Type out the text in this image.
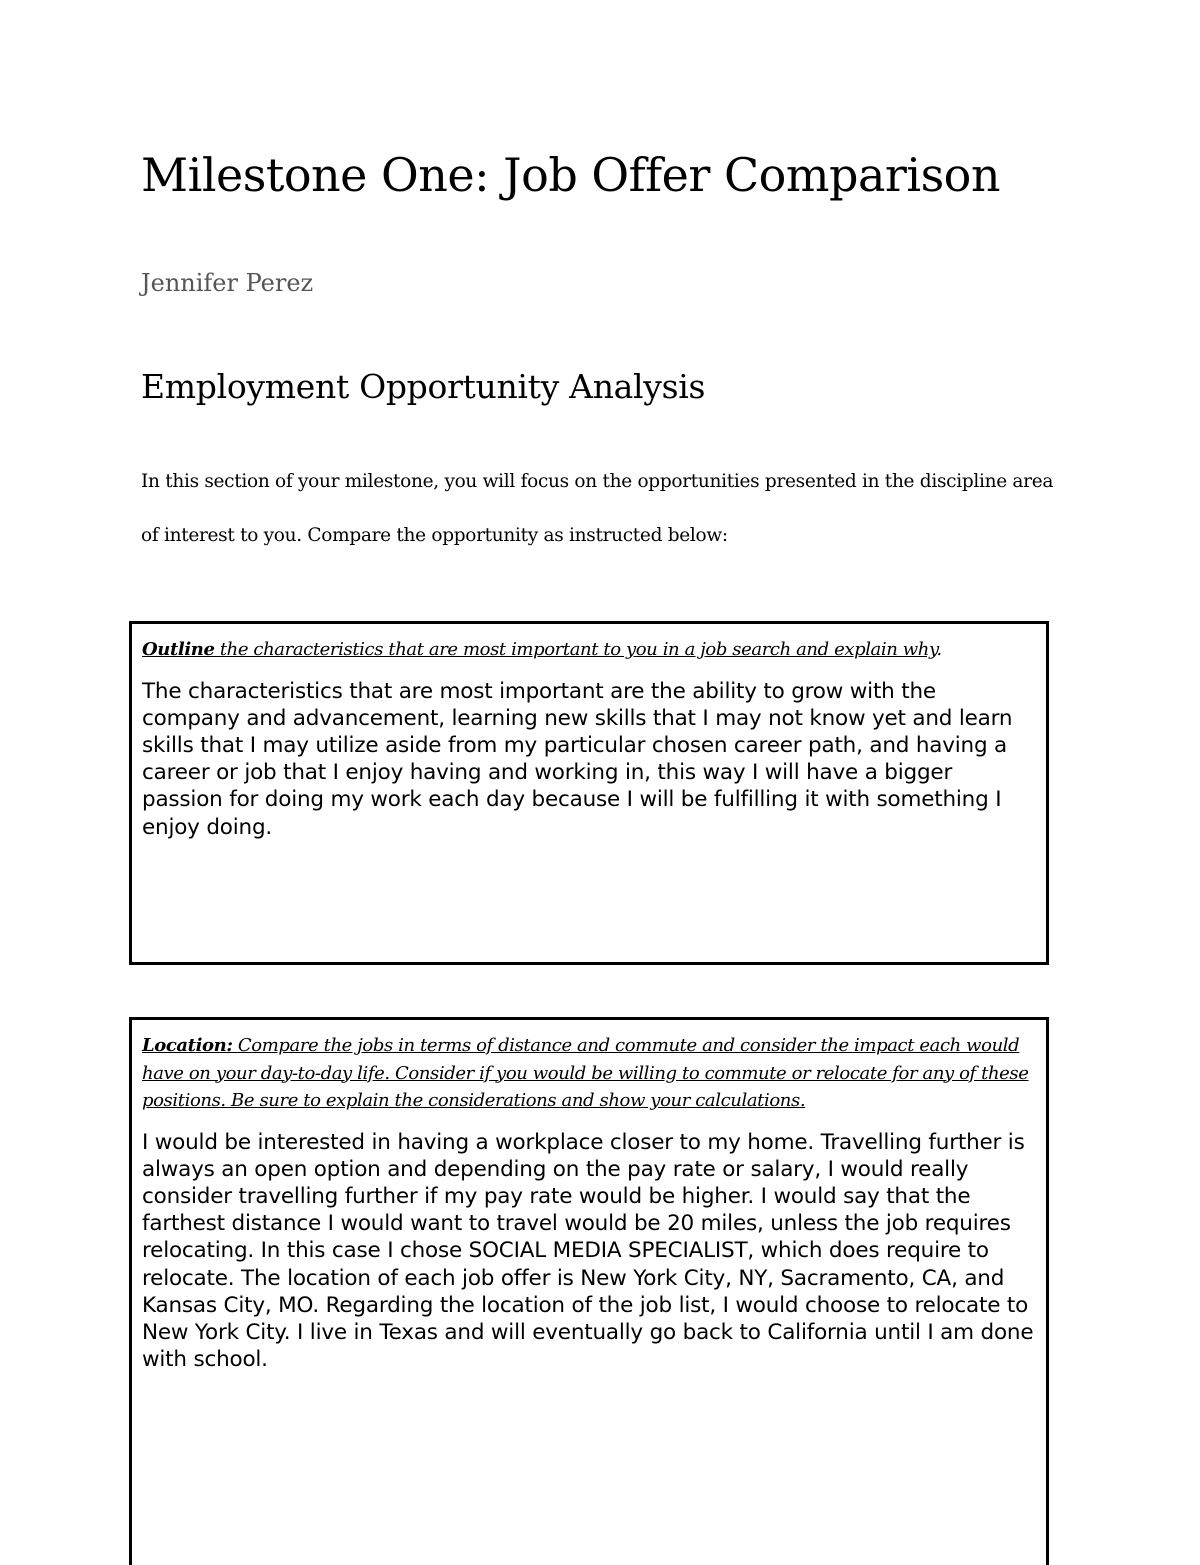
Milestone One: Job Offer Comparison

Jennifer Perez

Employment Opportunity Analysis

In this section of your milestone, you will focus on the opportunities presented in the discipline area of interest to you. Compare the opportunity as instructed below:

Outline the characteristics that are most important to you in a job search and explain why.

The characteristics that are most important are the ability to grow with the company and advancement, learning new skills that I may not know yet and learn skills that I may utilize aside from my particular chosen career path, and having a career or job that I enjoy having and working in, this way I will have a bigger passion for doing my work each day because I will be fulfilling it with something I enjoy doing.

Location: Compare the jobs in terms of distance and commute and consider the impact each would have on your day-to-day life. Consider if you would be willing to commute or relocate for any of these positions. Be sure to explain the considerations and show your calculations.

I would be interested in having a workplace closer to my home. Travelling further is always an open option and depending on the pay rate or salary, I would really consider travelling further if my pay rate would be higher. I would say that the farthest distance I would want to travel would be 20 miles, unless the job requires relocating. In this case I chose SOCIAL MEDIA SPECIALIST, which does require to relocate. The location of each job offer is New York City, NY, Sacramento, CA, and Kansas City, MO. Regarding the location of the job list, I would choose to relocate to New York City. I live in Texas and will eventually go back to California until I am done with school.
